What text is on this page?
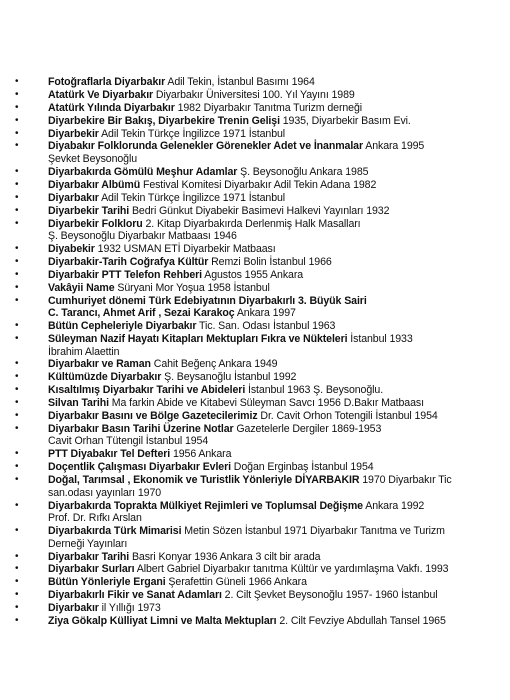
•	Fotoğraflarla Diyarbakır Adil Tekin, İstanbul Basımı 1964
•	Atatürk Ve Diyarbakır Diyarbakır Üniversitesi 100. Yıl Yayını 1989
•	Atatürk Yılında Diyarbakır 1982 Diyarbakır Tanıtma Turizm derneği
•	Diyarbekire Bir Bakış, Diyarbekire Trenin Gelişi 1935, Diyarbekir Basım Evi.
•	Diyarbekir Adil Tekin Türkçe İngilizce 1971 İstanbul
•	Diyabakır Folklorunda Gelenekler Görenekler Adet ve İnanmalar Ankara 1995
Şevket Beysonoğlu
•	Diyarbakırda Gömülü Meşhur Adamlar Ş. Beysonoğlu Ankara 1985
•	Diyarbakır Albümü Festival Komitesi Diyarbakır Adil Tekin Adana 1982
•	Diyarbakır Adil Tekin Türkçe İngilizce 1971 İstanbul
•	Diyarbekir Tarihi Bedri Günkut Diyabekir Basimevi Halkevi Yayınları 1932
•	Diyarbekir Folkloru 2. Kitap Diyarbakırda Derlenmiş Halk Masalları
Ş. Beysonoğlu Diyarbakır Matbaası 1946
•	Diyabekir 1932 USMAN ETİ Diyarbekir Matbaası
•	Diyarbakir-Tarih Coğrafya Kültür Remzi Bolin İstanbul 1966
•	Diyarbakir PTT Telefon Rehberi Agustos 1955 Ankara
•	Vakâyii Name Süryani Mor Yoşua 1958 İstanbul
•	Cumhuriyet dönemi Türk Edebiyatının Diyarbakırlı 3. Büyük Sairi
C. Tarancı, Ahmet Arif , Sezai Karakoç Ankara 1997
•	Bütün Cepheleriyle Diyarbakır Tic. San. Odası İstanbul 1963
•	Süleyman Nazif Hayatı Kitapları Mektupları Fıkra ve Nükteleri İstanbul 1933
İbrahim Alaettin
•	Diyarbakır ve Raman Cahit Beğenç Ankara 1949
•	Kültümüzde Diyarbakır Ş. Beysanoğlu İstanbul 1992
•	Kısaltılmış Diyarbakır Tarihi ve Abideleri İstanbul 1963 Ş. Beysonoğlu.
•	Silvan Tarihi Ma farkin Abide ve Kitabevi Süleyman Savcı 1956 D.Bakır Matbaası
•	Diyarbakır Basını ve Bölge Gazetecilerimiz Dr. Cavit Orhon Totengili İstanbul 1954
•	Diyarbakır Basın Tarihi Üzerine Notlar Gazetelerle Dergiler 1869-1953
Cavit Orhan Tütengil İstanbul 1954
•	PTT Diyabakır Tel Defteri 1956 Ankara
•	Doçentlik Çalışması Diyarbakır Evleri Doğan Erginbaş İstanbul 1954
•	Doğal, Tarımsal , Ekonomik ve Turistlik Yönleriyle DİYARBAKIR 1970 Diyarbakır Tic
san.odası yayınları 1970
•	Diyarbakırda Toprakta Mülkiyet Rejimleri ve Toplumsal Değişme Ankara 1992
Prof. Dr. Rıfkı Arslan
•	Diyarbakırda Türk Mimarisi Metin Sözen İstanbul 1971 Diyarbakır Tanıtma ve Turizm
Derneği Yayınları
•	Diyarbakır Tarihi Basri Konyar 1936 Ankara 3 cilt bir arada
•	Diyarbakır Surları Albert Gabriel Diyarbakır tanıtma Kültür ve yardımlaşma Vakfı. 1993
•	Bütün Yönleriyle Ergani Şerafettin Güneli 1966 Ankara
•	Diyarbakırlı Fikir ve Sanat Adamları 2. Cilt Şevket Beysonoğlu 1957- 1960 İstanbul
•	Diyarbakır il Yıllığı 1973
•	Ziya Gökalp Külliyat Limni ve Malta Mektupları 2. Cilt Fevziye Abdullah Tansel 1965
